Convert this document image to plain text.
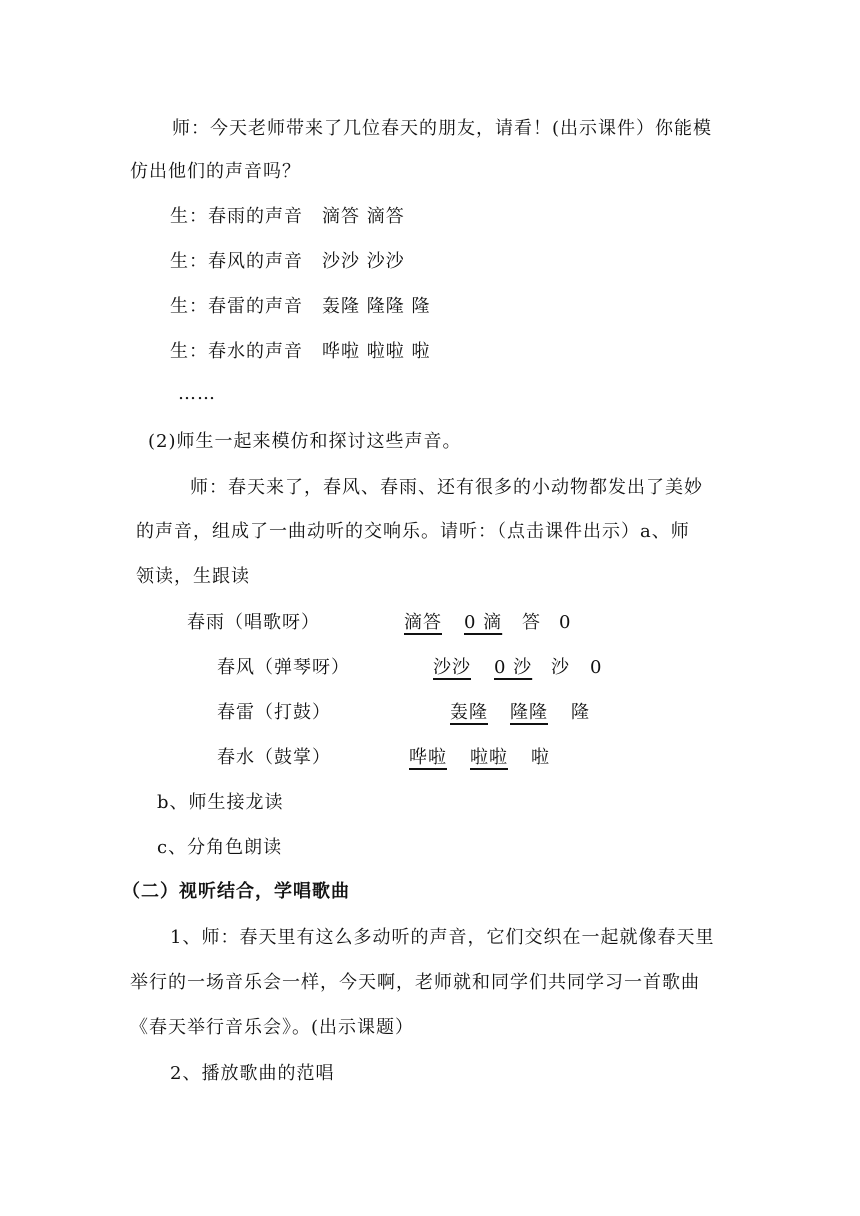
师：今天老师带来了几位春天的朋友，请看！(出示课件）你能模
仿出他们的声音吗？
生：春雨的声音　滴答 滴答
生：春风的声音　沙沙 沙沙
生：春雷的声音　轰隆 隆隆 隆
生：春水的声音　哗啦 啦啦 啦
……
(2)师生一起来模仿和探讨这些声音。
师：春天来了，春风、春雨、还有很多的小动物都发出了美妙
的声音，组成了一曲动听的交响乐。请听：（点击课件出示）a、师
领读，生跟读
春雨（唱歌呀）	滴答 0 滴 答 0
春风（弹琴呀）	沙沙 0 沙 沙 0
春雷（打鼓）	轰隆 隆隆 隆
春水（鼓掌）	哗啦 啦啦 啦
b、师生接龙读
c、分角色朗读
（二）视听结合，学唱歌曲
1、师：春天里有这么多动听的声音，它们交织在一起就像春天里
举行的一场音乐会一样，今天啊，老师就和同学们共同学习一首歌曲
《春天举行音乐会》。(出示课题）
2、播放歌曲的范唱
